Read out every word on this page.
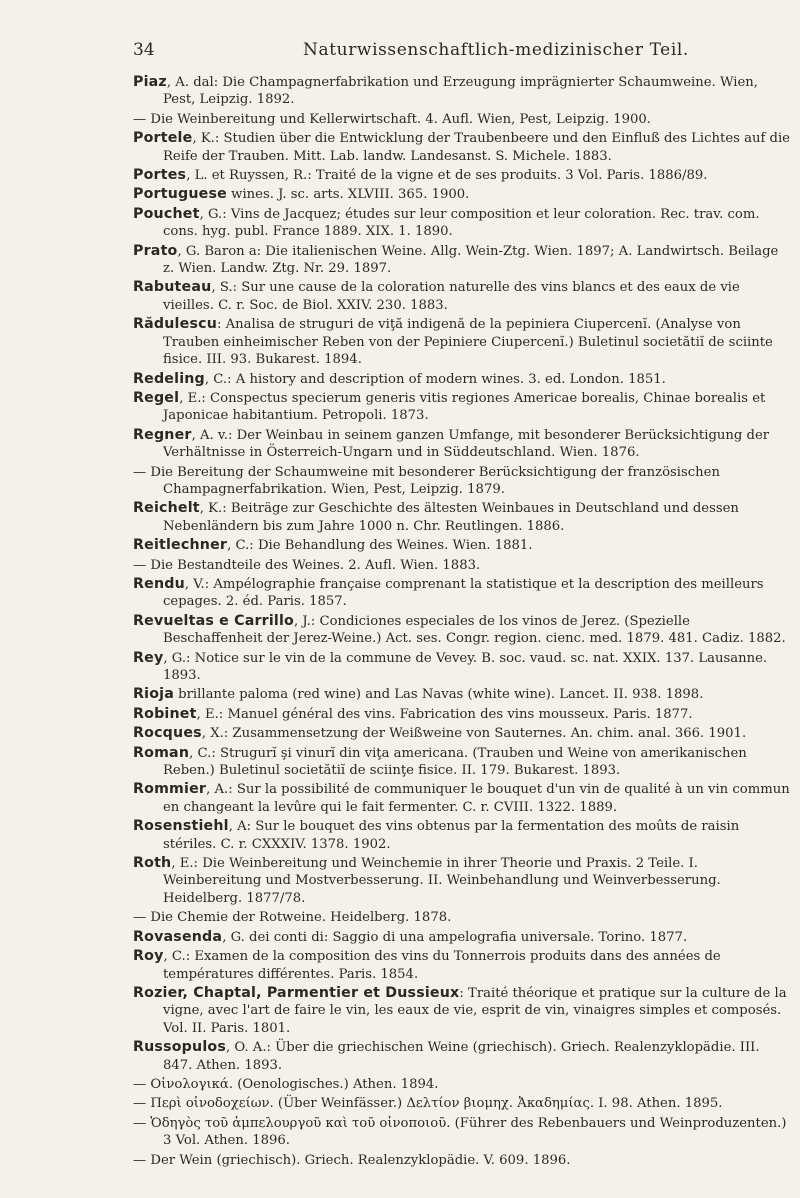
34	Naturwissenschaftlich-medizinischer Teil.

Piaz, A. dal: Die Champagnerfabrikation und Erzeugung imprägnierter Schaumweine. Wien, Pest, Leipzig. 1892.

— Die Weinbereitung und Kellerwirtschaft. 4. Aufl. Wien, Pest, Leipzig. 1900.

Portele, K.: Studien über die Entwicklung der Traubenbeere und den Einfluß des Lichtes auf die Reife der Trauben. Mitt. Lab. landw. Landesanst. S. Michele. 1883.

Portes, L. et Ruyssen, R.: Traité de la vigne et de ses produits. 3 Vol. Paris. 1886/89.

Portuguese wines. J. sc. arts. XLVIII. 365. 1900.

Pouchet, G.: Vins de Jacquez; études sur leur composition et leur coloration. Rec. trav. com. cons. hyg. publ. France 1889. XIX. 1. 1890.

Prato, G. Baron a: Die italienischen Weine. Allg. Wein-Ztg. Wien. 1897; A. Landwirtsch. Beilage z. Wien. Landw. Ztg. Nr. 29. 1897.

Rabuteau, S.: Sur une cause de la coloration naturelle des vins blancs et des eaux de vie vieilles. C. r. Soc. de Biol. XXIV. 230. 1883.

Rădulescu: Analisa de struguri de viţă indigenă de la pepiniera Ciupercenĭ. (Analyse von Trauben einheimischer Reben von der Pepiniere Ciupercenĭ.) Buletinul societătiĭ de sciinte fisice. III. 93. Bukarest. 1894.

Redeling, C.: A history and description of modern wines. 3. ed. London. 1851.

Regel, E.: Conspectus specierum generis vitis regiones Americae borealis, Chinae borealis et Japonicae habitantium. Petropoli. 1873.

Regner, A. v.: Der Weinbau in seinem ganzen Umfange, mit besonderer Berücksichtigung der Verhältnisse in Österreich-Ungarn und in Süddeutschland. Wien. 1876.

— Die Bereitung der Schaumweine mit besonderer Berücksichtigung der französischen Champagnerfabrikation. Wien, Pest, Leipzig. 1879.

Reichelt, K.: Beiträge zur Geschichte des ältesten Weinbaues in Deutschland und dessen Nebenländern bis zum Jahre 1000 n. Chr. Reutlingen. 1886.

Reitlechner, C.: Die Behandlung des Weines. Wien. 1881.

— Die Bestandteile des Weines. 2. Aufl. Wien. 1883.

Rendu, V.: Ampélographie française comprenant la statistique et la description des meilleurs cepages. 2. éd. Paris. 1857.

Revueltas e Carrillo, J.: Condiciones especiales de los vinos de Jerez. (Spezielle Beschaffenheit der Jerez-Weine.) Act. ses. Congr. region. cienc. med. 1879. 481. Cadiz. 1882.

Rey, G.: Notice sur le vin de la commune de Vevey. B. soc. vaud. sc. nat. XXIX. 137. Lausanne. 1893.

Rioja brillante paloma (red wine) and Las Navas (white wine). Lancet. II. 938. 1898.

Robinet, E.: Manuel général des vins. Fabrication des vins mousseux. Paris. 1877.

Rocques, X.: Zusammensetzung der Weißweine von Sauternes. An. chim. anal. 366. 1901.

Roman, C.: Strugurĭ şi vinurĭ din viţa americana. (Trauben und Weine von amerikanischen Reben.) Buletinul societătiĭ de sciinţe fisice. II. 179. Bukarest. 1893.

Rommier, A.: Sur la possibilité de communiquer le bouquet d'un vin de qualité à un vin commun en changeant la levûre qui le fait fermenter. C. r. CVIII. 1322. 1889.

Rosenstiehl, A: Sur le bouquet des vins obtenus par la fermentation des moûts de raisin stériles. C. r. CXXXIV. 1378. 1902.

Roth, E.: Die Weinbereitung und Weinchemie in ihrer Theorie und Praxis. 2 Teile. I. Weinbereitung und Mostverbesserung. II. Weinbehandlung und Weinverbesserung. Heidelberg. 1877/78.

— Die Chemie der Rotweine. Heidelberg. 1878.

Rovasenda, G. dei conti di: Saggio di una ampelografia universale. Torino. 1877.

Roy, C.: Examen de la composition des vins du Tonnerrois produits dans des années de températures différentes. Paris. 1854.

Rozier, Chaptal, Parmentier et Dussieux: Traité théorique et pratique sur la culture de la vigne, avec l'art de faire le vin, les eaux de vie, esprit de vin, vinaigres simples et composés. Vol. II. Paris. 1801.

Russopulos, O. A.: Über die griechischen Weine (griechisch). Griech. Realenzyklopädie. III. 847. Athen. 1893.

— Οἰνολογικά. (Oenologisches.) Athen. 1894.

— Περὶ οἰνοδοχείων. (Über Weinfässer.) Δελτίον βιομηχ. Ἀκαδημίας. I. 98. Athen. 1895.

— Ὁδηγὸς τοῦ ἀμπελουργοῦ καὶ τοῦ οἰνοποιοῦ. (Führer des Rebenbauers und Weinproduzenten.) 3 Vol. Athen. 1896.

— Der Wein (griechisch). Griech. Realenzyklopädie. V. 609. 1896.
